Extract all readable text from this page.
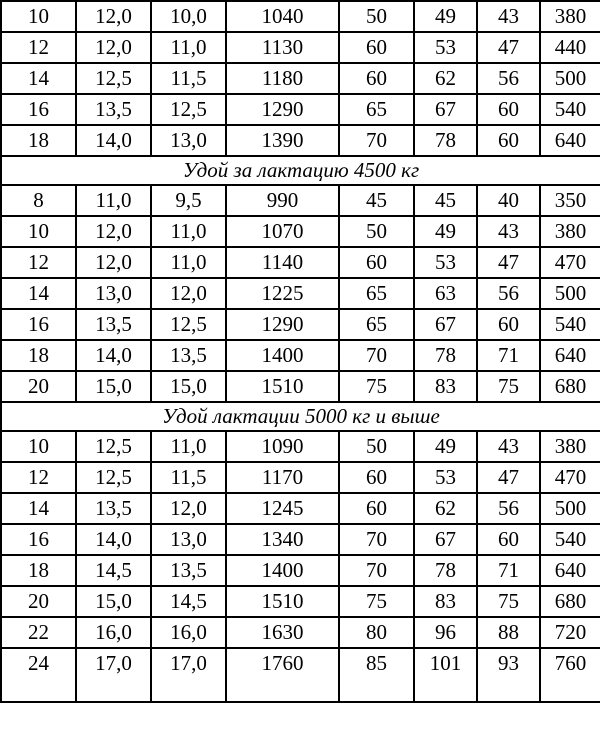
10	12,0	10,0	1040	50	49	43	380
12	12,0	11,0	1130	60	53	47	440
14	12,5	11,5	1180	60	62	56	500
16	13,5	12,5	1290	65	67	60	540
18	14,0	13,0	1390	70	78	60	640
Удой за лактацию 4500 кг							
8	11,0	9,5	990	45	45	40	350
10	12,0	11,0	1070	50	49	43	380
12	12,0	11,0	1140	60	53	47	470
14	13,0	12,0	1225	65	63	56	500
16	13,5	12,5	1290	65	67	60	540
18	14,0	13,5	1400	70	78	71	640
20	15,0	15,0	1510	75	83	75	680
Удой лактации 5000 кг и выше							
10	12,5	11,0	1090	50	49	43	380
12	12,5	11,5	1170	60	53	47	470
14	13,5	12,0	1245	60	62	56	500
16	14,0	13,0	1340	70	67	60	540
18	14,5	13,5	1400	70	78	71	640
20	15,0	14,5	1510	75	83	75	680
22	16,0	16,0	1630	80	96	88	720
24	17,0	17,0	1760	85	101	93	760
